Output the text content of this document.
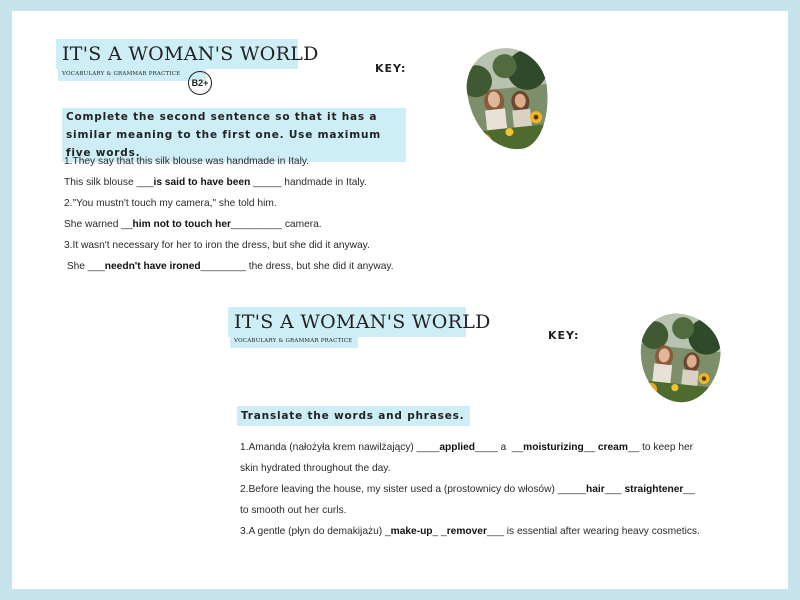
IT'S A WOMAN'S WORLD
VOCABULARY & GRAMMAR PRACTICE
B2+
KEY:
Complete the second sentence so that it has a similar meaning to the first one. Use maximum five words.
1.They say that this silk blouse was handmade in Italy.
This silk blouse ___is said to have been _____ handmade in Italy.
2."You mustn't touch my camera," she told him.
She warned __him not to touch her_________ camera.
3.It wasn't necessary for her to iron the dress, but she did it anyway.
She ___needn't have ironed________ the dress, but she did it anyway.
IT'S A WOMAN'S WORLD
VOCABULARY & GRAMMAR PRACTICE	KEY:
Translate the words and phrases.
1.Amanda (nałożyła krem nawilżający) ____applied____ a  __moisturizing__ cream__ to keep her
skin hydrated throughout the day.
2.Before leaving the house, my sister used a (prostownicy do włosów) _____hair___ straightener__
to smooth out her curls.
3.A gentle (płyn do demakijażu) _make-up_ _remover___ is essential after wearing heavy cosmetics.
